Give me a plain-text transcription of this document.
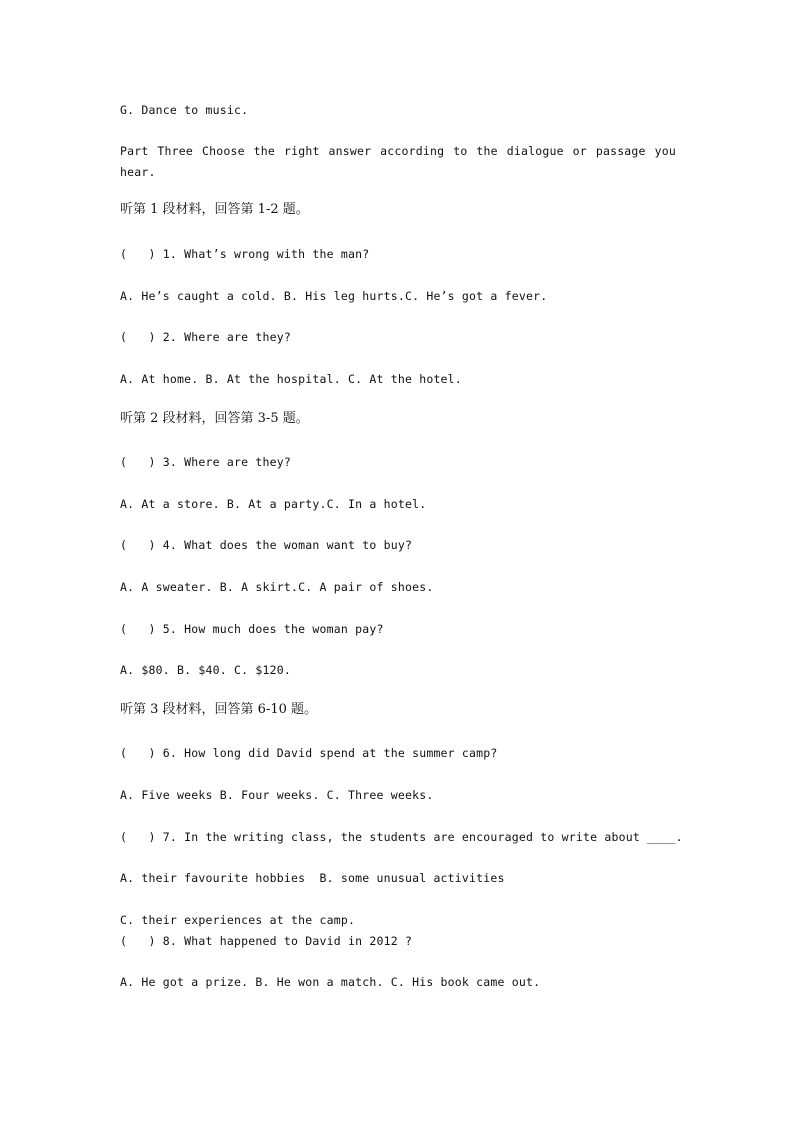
G. Dance to music.
Part Three Choose the right answer according to the dialogue or passage you hear.
听第 1 段材料，回答第 1-2 题。
(   ) 1. What’s wrong with the man?
A. He’s caught a cold. B. His leg hurts.C. He’s got a fever.
(   ) 2. Where are they?
A. At home. B. At the hospital. C. At the hotel.
听第 2 段材料，回答第 3-5 题。
(   ) 3. Where are they?
A. At a store. B. At a party.C. In a hotel.
(   ) 4. What does the woman want to buy?
A. A sweater. B. A skirt.C. A pair of shoes.
(   ) 5. How much does the woman pay?
A. $80. B. $40. C. $120.
听第 3 段材料，回答第 6-10 题。
(   ) 6. How long did David spend at the summer camp?
A. Five weeks B. Four weeks. C. Three weeks.
(   ) 7. In the writing class, the students are encouraged to write about ____.
A. their favourite hobbies  B. some unusual activities
C. their experiences at the camp.
(   ) 8. What happened to David in 2012 ?
A. He got a prize. B. He won a match. C. His book came out.
